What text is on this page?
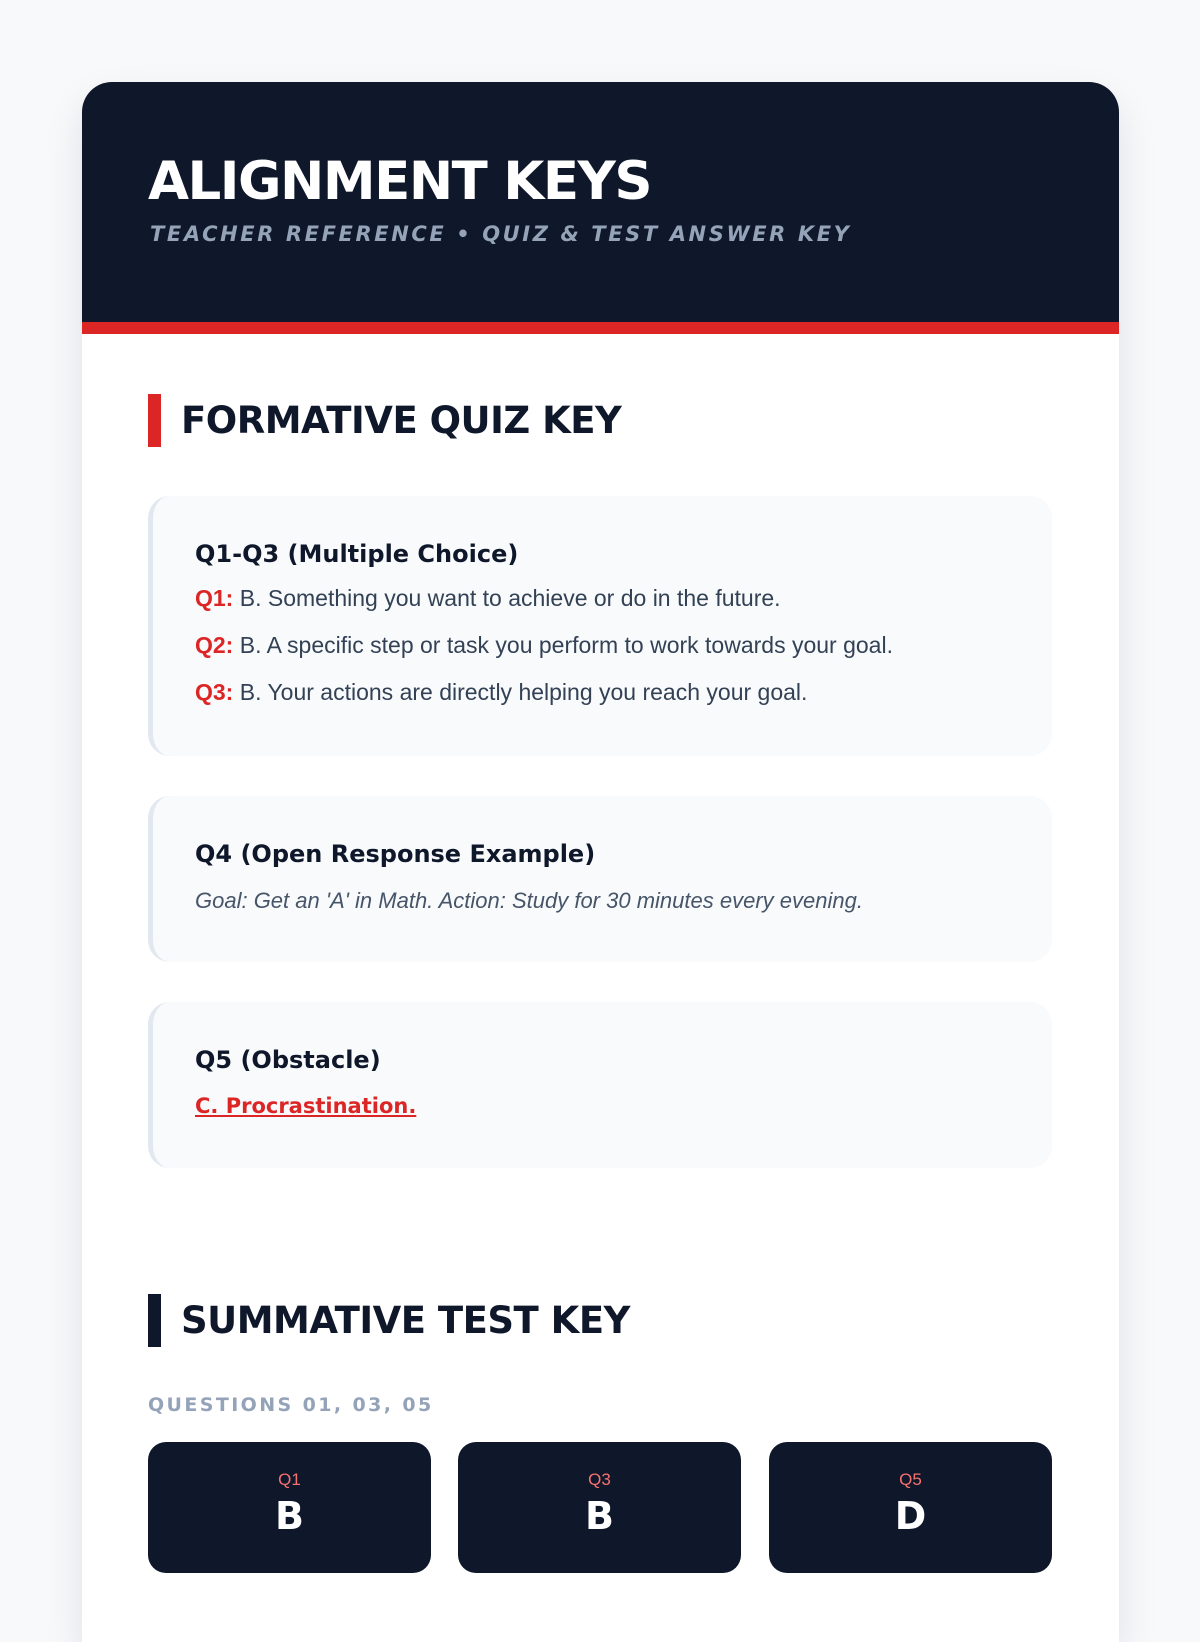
ALIGNMENT KEYS
TEACHER REFERENCE • QUIZ & TEST ANSWER KEY
FORMATIVE QUIZ KEY
Q1-Q3 (Multiple Choice)
Q1: B. Something you want to achieve or do in the future.
Q2: B. A specific step or task you perform to work towards your goal.
Q3: B. Your actions are directly helping you reach your goal.
Q4 (Open Response Example)
Goal: Get an 'A' in Math. Action: Study for 30 minutes every evening.
Q5 (Obstacle)
C. Procrastination.
SUMMATIVE TEST KEY
QUESTIONS 01, 03, 05
Q1
B
Q3
B
Q5
D
